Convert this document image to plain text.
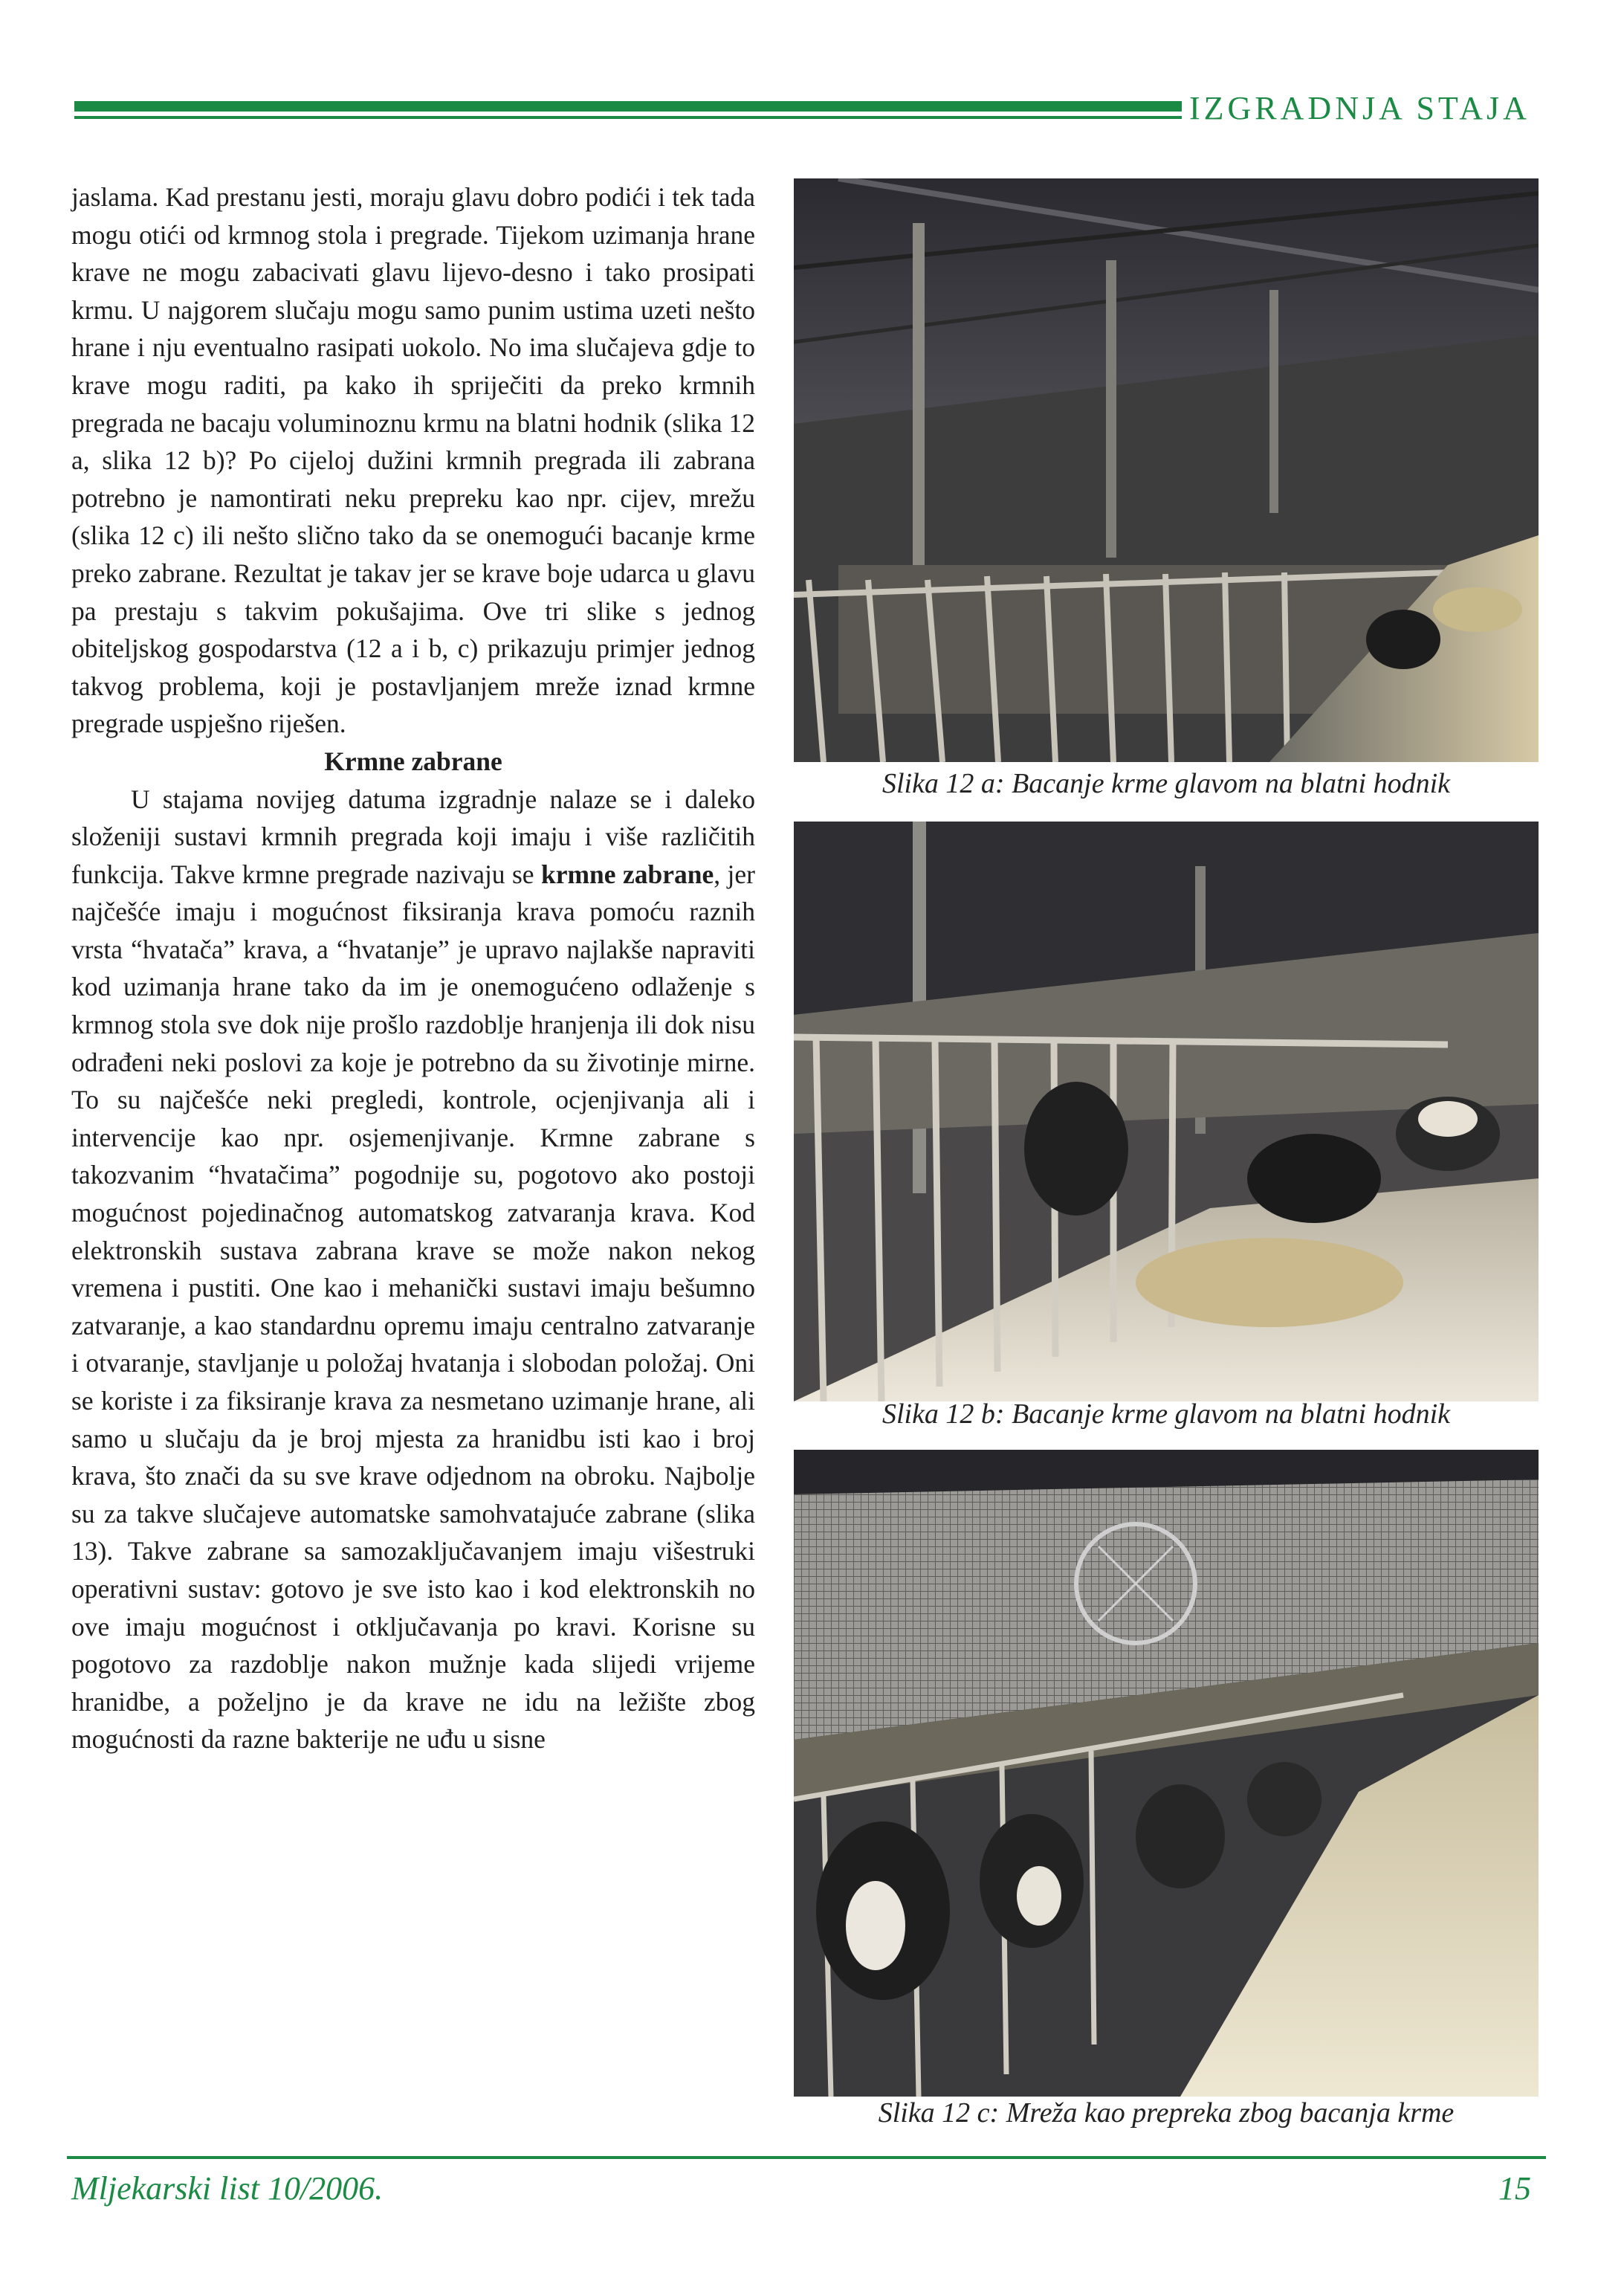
IZGRADNJA STAJA

jaslama. Kad prestanu jesti, moraju glavu dobro podići i tek tada mogu otići od krmnog stola i pregrade. Tijekom uzimanja hrane krave ne mogu zabacivati glavu lijevo-desno i tako prosipati krmu. U najgorem slučaju mogu samo punim ustima uzeti nešto hrane i nju eventualno rasipati uokolo. No ima slučajeva gdje to krave mogu raditi, pa kako ih spriječiti da preko krmnih pregrada ne bacaju voluminoznu krmu na blatni hodnik (slika 12 a, slika 12 b)? Po cijeloj dužini krmnih pregrada ili zabrana potrebno je namontirati neku prepreku kao npr. cijev, mrežu (slika 12 c) ili nešto slično tako da se onemogući bacanje krme preko zabrane. Rezultat je takav jer se krave boje udarca u glavu pa prestaju s takvim pokušajima. Ove tri slike s jednog obiteljskog gospodarstva (12 a i b, c) prikazuju primjer jednog takvog problema, koji je postavljanjem mreže iznad krmne pregrade uspješno riješen.

Krmne zabrane

U stajama novijeg datuma izgradnje nalaze se i daleko složeniji sustavi krmnih pregrada koji imaju i više različitih funkcija. Takve krmne pregrade nazivaju se krmne zabrane, jer najčešće imaju i mogućnost fiksiranja krava pomoću raznih vrsta “hvatača” krava, a “hvatanje” je upravo najlakše napraviti kod uzimanja hrane tako da im je onemogućeno odlaženje s krmnog stola sve dok nije prošlo razdoblje hranjenja ili dok nisu odrađeni neki poslovi za koje je potrebno da su životinje mirne. To su najčešće neki pregledi, kontrole, ocjenjivanja ali i intervencije kao npr. osjemenjivanje. Krmne zabrane s takozvanim “hvatačima” pogodnije su, pogotovo ako postoji mogućnost pojedinačnog automatskog zatvaranja krava. Kod elektronskih sustava zabrana krave se može nakon nekog vremena i pustiti. One kao i mehanički sustavi imaju bešumno zatvaranje, a kao standardnu opremu imaju centralno zatvaranje i otvaranje, stavljanje u položaj hvatanja i slobodan položaj. Oni se koriste i za fiksiranje krava za nesmetano uzimanje hrane, ali samo u slučaju da je broj mjesta za hranidbu isti kao i broj krava, što znači da su sve krave odjednom na obroku. Najbolje su za takve slučajeve automatske samohvatajuće zabrane (slika 13). Takve zabrane sa samozaključavanjem imaju višestruki operativni sustav: gotovo je sve isto kao i kod elektronskih no ove imaju mogućnost i otključavanja po kravi. Korisne su pogotovo za razdoblje nakon mužnje kada slijedi vrijeme hranidbe, a poželjno je da krave ne idu na ležište zbog mogućnosti da razne bakterije ne uđu u sisne

Slika 12 a: Bacanje krme glavom na blatni hodnik
Slika 12 b: Bacanje krme glavom na blatni hodnik
Slika 12 c: Mreža kao prepreka zbog bacanja krme
Mljekarski list 10/2006.	15
